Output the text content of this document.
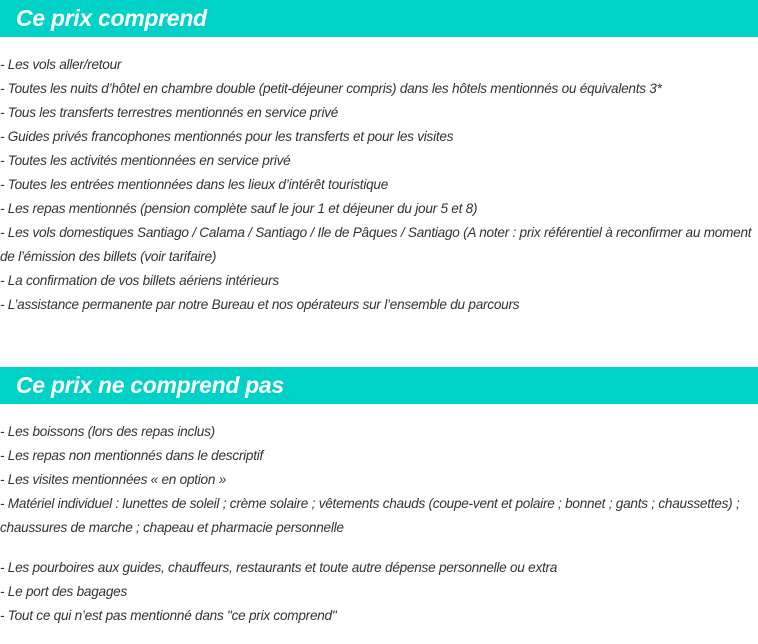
Ce prix comprend
- Les vols aller/retour
- Toutes les nuits d’hôtel en chambre double (petit-déjeuner compris) dans les hôtels mentionnés ou équivalents 3*
- Tous les transferts terrestres mentionnés en service privé
- Guides privés francophones mentionnés pour les transferts et pour les visites
- Toutes les activités mentionnées en service privé
- Toutes les entrées mentionnées dans les lieux d’intérêt touristique
- Les repas mentionnés (pension complète sauf le jour 1 et déjeuner du jour 5 et 8)
- Les vols domestiques Santiago / Calama / Santiago / Ile de Pâques / Santiago (A noter : prix référentiel à reconfirmer au moment de l’émission des billets (voir tarifaire)
- La confirmation de vos billets aériens intérieurs
- L’assistance permanente par notre Bureau et nos opérateurs sur l’ensemble du parcours
Ce prix ne comprend pas
- Les boissons (lors des repas inclus)
- Les repas non mentionnés dans le descriptif
- Les visites mentionnées « en option »
- Matériel individuel : lunettes de soleil ; crème solaire ; vêtements chauds (coupe-vent et polaire ; bonnet ; gants ; chaussettes) ; chaussures de marche ; chapeau et pharmacie personnelle
- Les pourboires aux guides, chauffeurs, restaurants et toute autre dépense personnelle ou extra
- Le port des bagages
- Tout ce qui n’est pas mentionné dans "ce prix comprend"
